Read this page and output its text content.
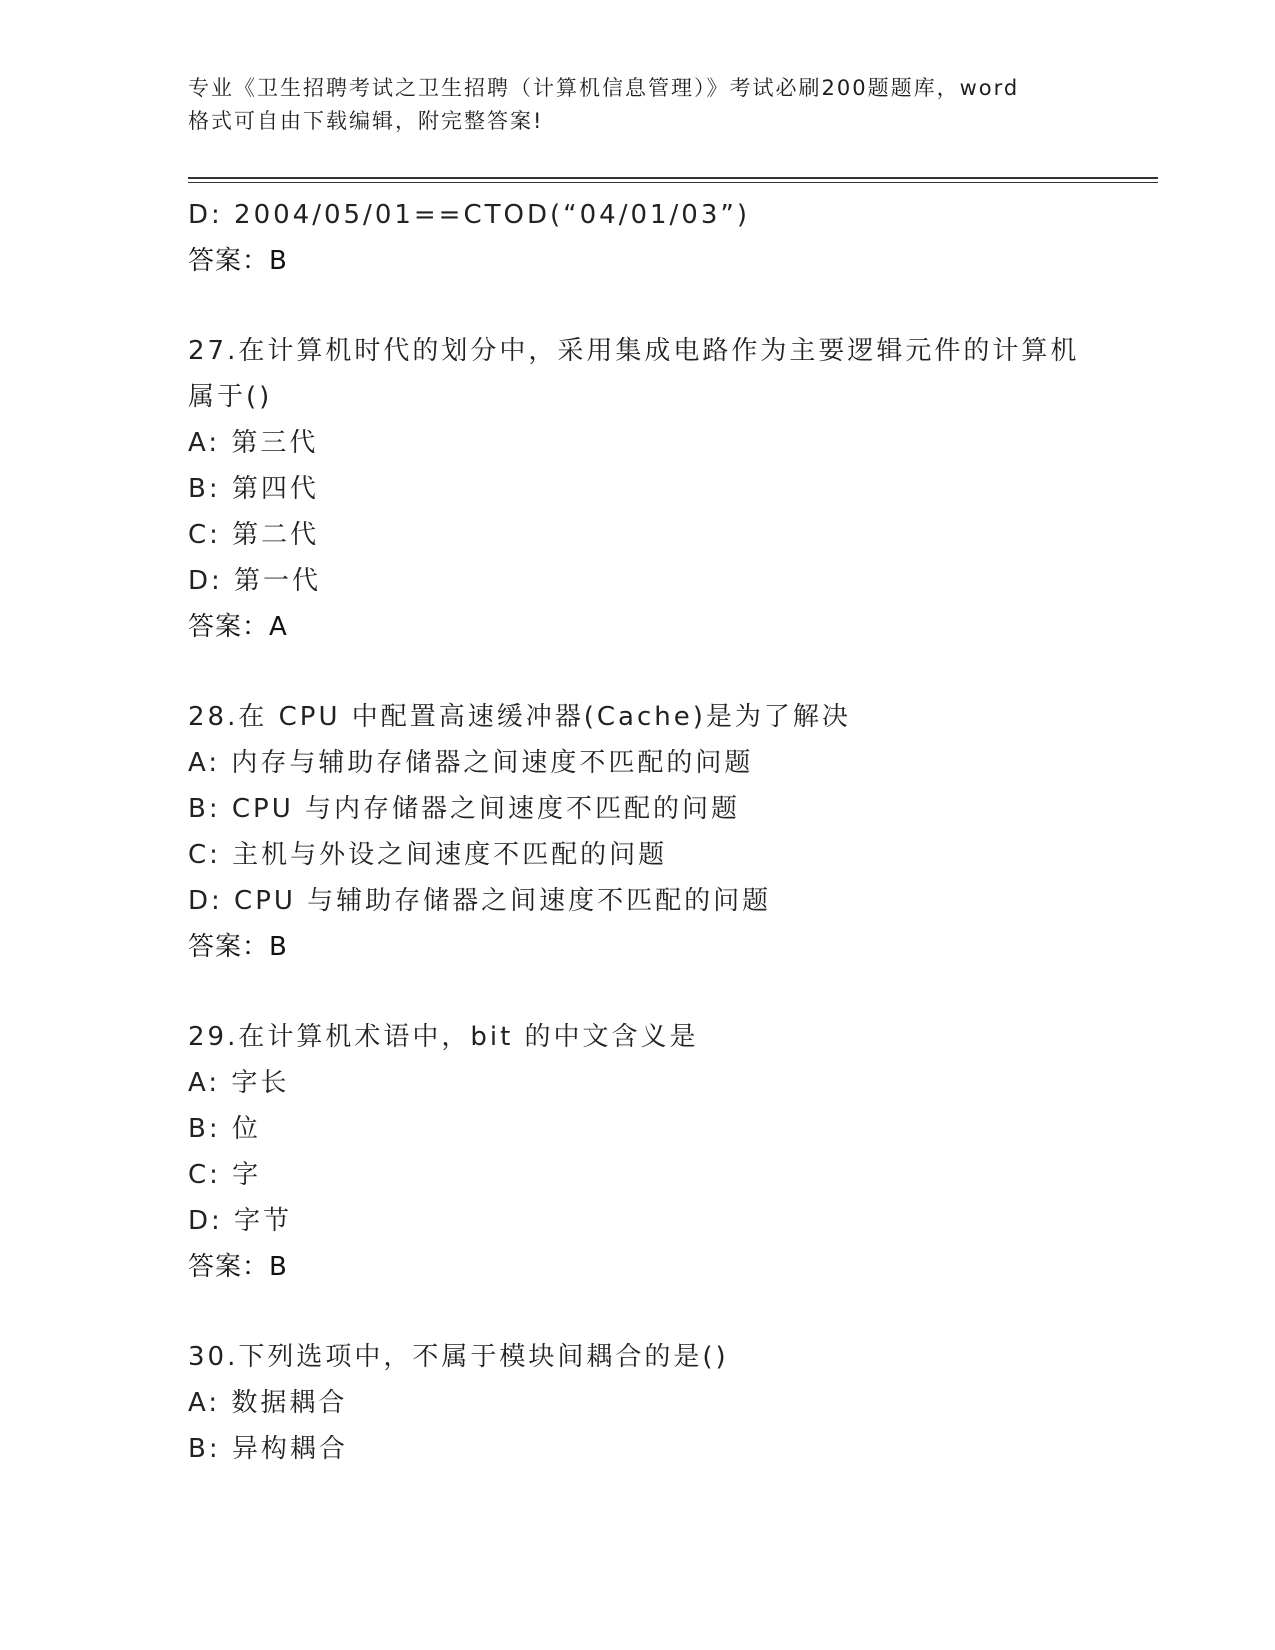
专业《卫生招聘考试之卫生招聘（计算机信息管理）》考试必刷200题题库，word
格式可自由下载编辑，附完整答案!
D: 2004/05/01==CTOD(“04/01/03”)
答案：B
27.在计算机时代的划分中，采用集成电路作为主要逻辑元件的计算机
属于()
A: 第三代
B: 第四代
C: 第二代
D: 第一代
答案：A
28.在 CPU 中配置高速缓冲器(Cache)是为了解决
A: 内存与辅助存储器之间速度不匹配的问题
B: CPU 与内存储器之间速度不匹配的问题
C: 主机与外设之间速度不匹配的问题
D: CPU 与辅助存储器之间速度不匹配的问题
答案：B
29.在计算机术语中，bit 的中文含义是
A: 字长
B: 位
C: 字
D: 字节
答案：B
30.下列选项中，不属于模块间耦合的是()
A: 数据耦合
B: 异构耦合
